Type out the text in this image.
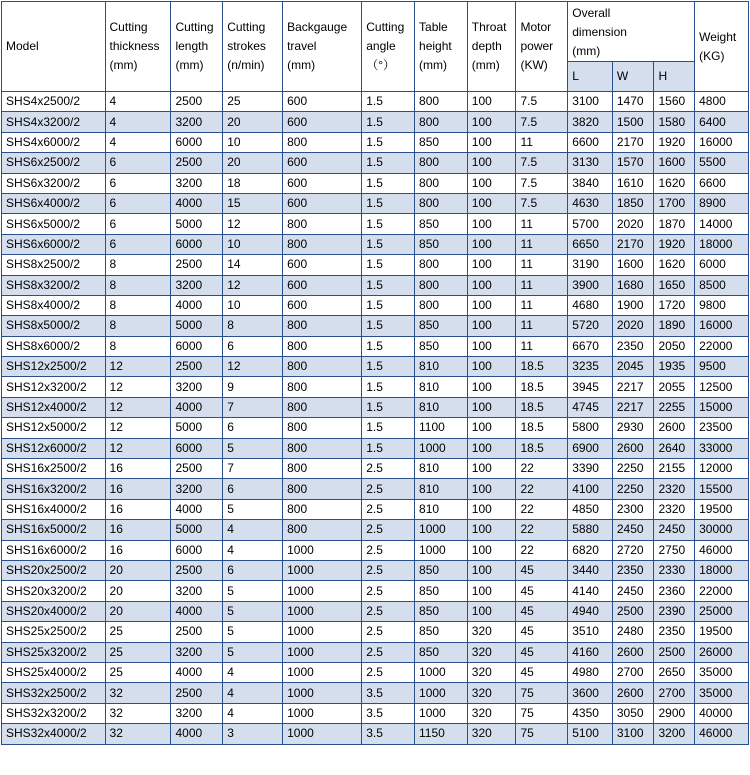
Model	Cutting
thickness
(mm)	Cutting
length
(mm)	Cutting
strokes
(n/min)	Backgauge
travel
(mm)	Cutting
angle
（°）	Table
height
(mm)	Throat
depth
(mm)	Motor
power
(KW)	Overall
dimension
(mm)			Weight
(KG)

									L	W	H	
SHS4x2500/2	4	2500	25	600	1.5	800	100	7.5	3100	1470	1560	4800
SHS4x3200/2	4	3200	20	600	1.5	800	100	7.5	3820	1500	1580	6400
SHS4x6000/2	4	6000	10	800	1.5	850	100	11	6600	2170	1920	16000
SHS6x2500/2	6	2500	20	600	1.5	800	100	7.5	3130	1570	1600	5500
SHS6x3200/2	6	3200	18	600	1.5	800	100	7.5	3840	1610	1620	6600
SHS6x4000/2	6	4000	15	600	1.5	800	100	7.5	4630	1850	1700	8900
SHS6x5000/2	6	5000	12	800	1.5	850	100	11	5700	2020	1870	14000
SHS6x6000/2	6	6000	10	800	1.5	850	100	11	6650	2170	1920	18000
SHS8x2500/2	8	2500	14	600	1.5	800	100	11	3190	1600	1620	6000
SHS8x3200/2	8	3200	12	600	1.5	800	100	11	3900	1680	1650	8500
SHS8x4000/2	8	4000	10	600	1.5	800	100	11	4680	1900	1720	9800
SHS8x5000/2	8	5000	8	800	1.5	850	100	11	5720	2020	1890	16000
SHS8x6000/2	8	6000	6	800	1.5	850	100	11	6670	2350	2050	22000
SHS12x2500/2	12	2500	12	800	1.5	810	100	18.5	3235	2045	1935	9500
SHS12x3200/2	12	3200	9	800	1.5	810	100	18.5	3945	2217	2055	12500
SHS12x4000/2	12	4000	7	800	1.5	810	100	18.5	4745	2217	2255	15000
SHS12x5000/2	12	5000	6	800	1.5	1100	100	18.5	5800	2930	2600	23500
SHS12x6000/2	12	6000	5	800	1.5	1000	100	18.5	6900	2600	2640	33000
SHS16x2500/2	16	2500	7	800	2.5	810	100	22	3390	2250	2155	12000
SHS16x3200/2	16	3200	6	800	2.5	810	100	22	4100	2250	2320	15500
SHS16x4000/2	16	4000	5	800	2.5	810	100	22	4850	2300	2320	19500
SHS16x5000/2	16	5000	4	800	2.5	1000	100	22	5880	2450	2450	30000
SHS16x6000/2	16	6000	4	1000	2.5	1000	100	22	6820	2720	2750	46000
SHS20x2500/2	20	2500	6	1000	2.5	850	100	45	3440	2350	2330	18000
SHS20x3200/2	20	3200	5	1000	2.5	850	100	45	4140	2450	2360	22000
SHS20x4000/2	20	4000	5	1000	2.5	850	100	45	4940	2500	2390	25000
SHS25x2500/2	25	2500	5	1000	2.5	850	320	45	3510	2480	2350	19500
SHS25x3200/2	25	3200	5	1000	2.5	850	320	45	4160	2600	2500	26000
SHS25x4000/2	25	4000	4	1000	2.5	1000	320	45	4980	2700	2650	35000
SHS32x2500/2	32	2500	4	1000	3.5	1000	320	75	3600	2600	2700	35000
SHS32x3200/2	32	3200	4	1000	3.5	1000	320	75	4350	3050	2900	40000
SHS32x4000/2	32	4000	3	1000	3.5	1150	320	75	5100	3100	3200	46000
